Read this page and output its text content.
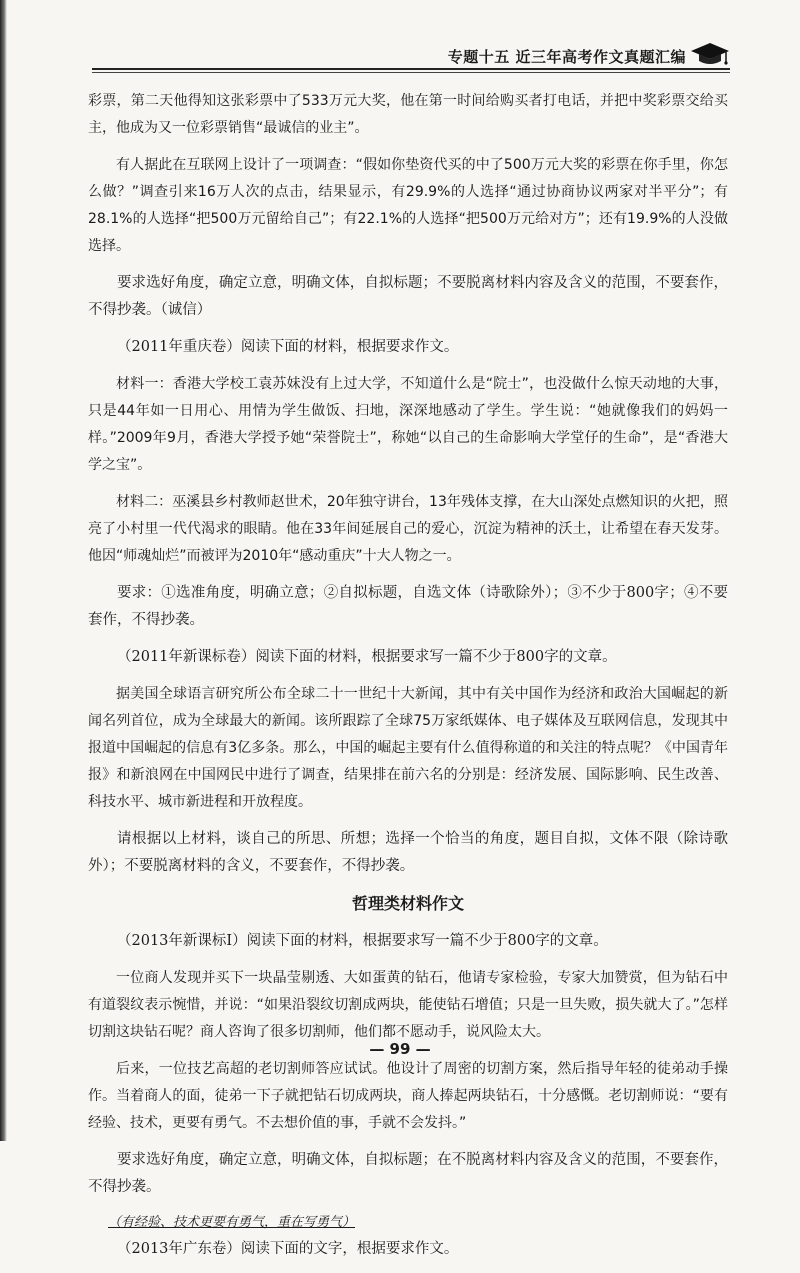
专题十五 近三年高考作文真题汇编

彩票，第二天他得知这张彩票中了533万元大奖，他在第一时间给购买者打电话，并把中奖彩票交给买主，他成为又一位彩票销售“最诚信的业主”。

有人据此在互联网上设计了一项调查：“假如你垫资代买的中了500万元大奖的彩票在你手里，你怎么做？”调查引来16万人次的点击，结果显示，有29.9%的人选择“通过协商协议两家对半平分”；有28.1%的人选择“把500万元留给自己”；有22.1%的人选择“把500万元给对方”；还有19.9%的人没做选择。

要求选好角度，确定立意，明确文体，自拟标题；不要脱离材料内容及含义的范围，不要套作，不得抄袭。（诚信）

（2011年重庆卷）阅读下面的材料，根据要求作文。

材料一：香港大学校工袁苏妹没有上过大学，不知道什么是“院士”，也没做什么惊天动地的大事，只是44年如一日用心、用情为学生做饭、扫地，深深地感动了学生。学生说：“她就像我们的妈妈一样。”2009年9月，香港大学授予她“荣誉院士”，称她“以自己的生命影响大学堂仔的生命”，是“香港大学之宝”。

材料二：巫溪县乡村教师赵世术，20年独守讲台，13年残体支撑，在大山深处点燃知识的火把，照亮了小村里一代代渴求的眼睛。他在33年间延展自己的爱心，沉淀为精神的沃土，让希望在春天发芽。他因“师魂灿烂”而被评为2010年“感动重庆”十大人物之一。

要求：①选准角度，明确立意；②自拟标题，自选文体（诗歌除外）；③不少于800字；④不要套作，不得抄袭。

（2011年新课标卷）阅读下面的材料，根据要求写一篇不少于800字的文章。

据美国全球语言研究所公布全球二十一世纪十大新闻，其中有关中国作为经济和政治大国崛起的新闻名列首位，成为全球最大的新闻。该所跟踪了全球75万家纸媒体、电子媒体及互联网信息，发现其中报道中国崛起的信息有3亿多条。那么，中国的崛起主要有什么值得称道的和关注的特点呢？《中国青年报》和新浪网在中国网民中进行了调查，结果排在前六名的分别是：经济发展、国际影响、民生改善、科技水平、城市新进程和开放程度。

请根据以上材料，谈自己的所思、所想；选择一个恰当的角度，题目自拟，文体不限（除诗歌外）；不要脱离材料的含义，不要套作，不得抄袭。

哲理类材料作文

（2013年新课标Ⅰ）阅读下面的材料，根据要求写一篇不少于800字的文章。

一位商人发现并买下一块晶莹剔透、大如蛋黄的钻石，他请专家检验，专家大加赞赏，但为钻石中有道裂纹表示惋惜，并说：“如果沿裂纹切割成两块，能使钻石增值；只是一旦失败，损失就大了。”怎样切割这块钻石呢？商人咨询了很多切割师，他们都不愿动手，说风险太大。

后来，一位技艺高超的老切割师答应试试。他设计了周密的切割方案，然后指导年轻的徒弟动手操作。当着商人的面，徒弟一下子就把钻石切成两块，商人捧起两块钻石，十分感慨。老切割师说：“要有经验、技术，更要有勇气。不去想价值的事，手就不会发抖。”

要求选好角度，确定立意，明确文体，自拟标题；在不脱离材料内容及含义的范围，不要套作，不得抄袭。

（有经验、技术更要有勇气，重在写勇气）

（2013年广东卷）阅读下面的文字，根据要求作文。

— 99 —
